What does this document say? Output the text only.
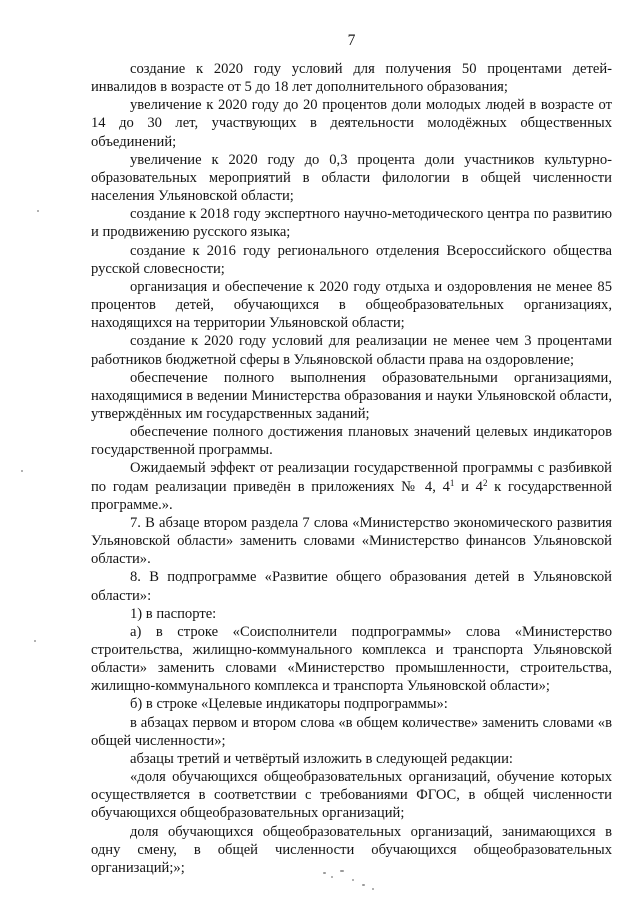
7

создание к 2020 году условий для получения 50 процентами детей-инвалидов в возрасте от 5 до 18 лет дополнительного образования;

увеличение к 2020 году до 20 процентов доли молодых людей в возрасте от 14 до 30 лет, участвующих в деятельности молодёжных общественных объединений;

увеличение к 2020 году до 0,3 процента доли участников культурно-образовательных мероприятий в области филологии в общей численности населения Ульяновской области;

создание к 2018 году экспертного научно-методического центра по развитию и продвижению русского языка;

создание к 2016 году регионального отделения Всероссийского общества русской словесности;

организация и обеспечение к 2020 году отдыха и оздоровления не менее 85 процентов детей, обучающихся в общеобразовательных организациях, находящихся на территории Ульяновской области;

создание к 2020 году условий для реализации не менее чем 3 процентами работников бюджетной сферы в Ульяновской области права на оздоровление;

обеспечение полного выполнения образовательными организациями, находящимися в ведении Министерства образования и науки Ульяновской области, утверждённых им государственных заданий;

обеспечение полного достижения плановых значений целевых индикаторов государственной программы.

Ожидаемый эффект от реализации государственной программы с разбивкой по годам реализации приведён в приложениях № 4, $4^1$ и $4^2$ к государственной программе.».

7. В абзаце втором раздела 7 слова «Министерство экономического развития Ульяновской области» заменить словами «Министерство финансов Ульяновской области».

8. В подпрограмме «Развитие общего образования детей в Ульяновской области»:

1) в паспорте:

а) в строке «Соисполнители подпрограммы» слова «Министерство строительства, жилищно-коммунального комплекса и транспорта Ульяновской области» заменить словами «Министерство промышленности, строительства, жилищно-коммунального комплекса и транспорта Ульяновской области»;

б) в строке «Целевые индикаторы подпрограммы»:

в абзацах первом и втором слова «в общем количестве» заменить словами «в общей численности»;

абзацы третий и четвёртый изложить в следующей редакции:

«доля обучающихся общеобразовательных организаций, обучение которых осуществляется в соответствии с требованиями ФГОС, в общей численности обучающихся общеобразовательных организаций;

доля обучающихся общеобразовательных организаций, занимающихся в одну смену, в общей численности обучающихся общеобразовательных организаций;»;
